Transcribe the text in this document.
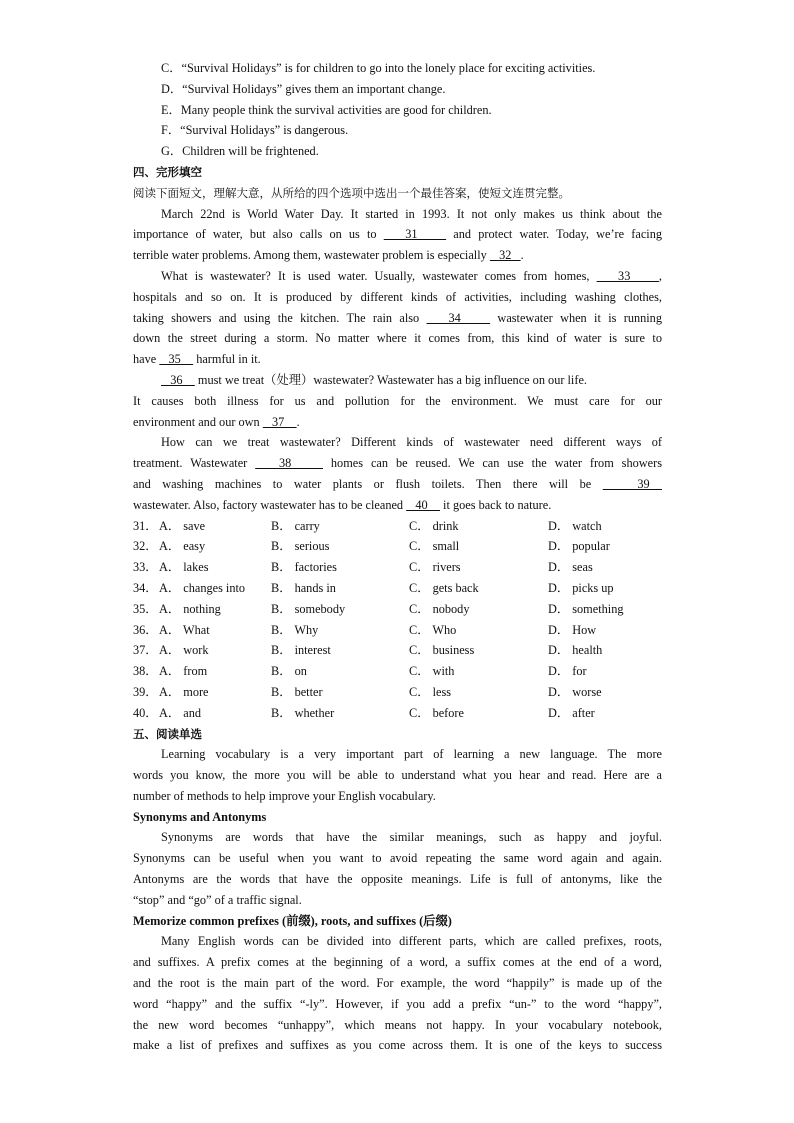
C．“Survival Holidays” is for children to go into the lonely place for exciting activities.
D．“Survival Holidays” gives them an important change.
E．Many people think the survival activities are good for children.
F．“Survival Holidays” is dangerous.
G．Children will be frightened.
四、完形填空
阅读下面短文，理解大意，从所给的四个选项中选出一个最佳答案，使短文连贯完整。
March 22nd is World Water Day. It started in 1993. It not only makes us think about the
importance of water, but also calls on us to    31     and protect water. Today, we’re facing
terrible water problems. Among them, wastewater problem is especially    32   .
What is wastewater? It is used water. Usually, wastewater comes from homes,    33    ,
hospitals and so on. It is produced by different kinds of activities, including washing clothes,
taking showers and using the kitchen. The rain also    34     wastewater when it is running
down the street during a storm. No matter where it comes from, this kind of water is sure to
have    35     harmful in it.
36     must we treat（处理）wastewater? Wastewater has a big influence on our life.
It causes both illness for us and pollution for the environment. We must care for our
environment and our own    37    .
How can we treat wastewater? Different kinds of wastewater need different ways of
treatment. Wastewater    38     homes can be reused. We can use the water from showers
and washing machines to water plants or flush toilets. Then there will be    39
wastewater. Also, factory wastewater has to be cleaned    40     it goes back to nature.
31． A． save	B． carry	C． drink	D． watch
32． A． easy	B． serious	C． small	D． popular
33． A． lakes	B． factories	C． rivers	D． seas
34． A． changes into B． hands in	C． gets back	D． picks up
35． A． nothing	B． somebody	C． nobody	D． something
36． A． What	B． Why	C． Who	D． How
37． A． work	B． interest	C． business	D． health
38． A． from	B． on	C． with	D． for
39． A． more	B． better	C． less	D． worse
40． A． and	B． whether	C． before	D． after
五、阅读单选
Learning vocabulary is a very important part of learning a new language. The more
words you know, the more you will be able to understand what you hear and read. Here are a
number of methods to help improve your English vocabulary.
Synonyms and Antonyms
Synonyms are words that have the similar meanings, such as happy and joyful.
Synonyms can be useful when you want to avoid repeating the same word again and again.
Antonyms are the words that have the opposite meanings. Life is full of antonyms, like the
“stop” and “go” of a traffic signal.
Memorize common prefixes (前缀), roots, and suffixes (后缀)
Many English words can be divided into different parts, which are called prefixes, roots,
and suffixes. A prefix comes at the beginning of a word, a suffix comes at the end of a word,
and the root is the main part of the word. For example, the word “happily” is made up of the
word “happy” and the suffix “-ly”. However, if you add a prefix “un-” to the word “happy”,
the new word becomes “unhappy”, which means not happy. In your vocabulary notebook,
make a list of prefixes and suffixes as you come across them. It is one of the keys to success
